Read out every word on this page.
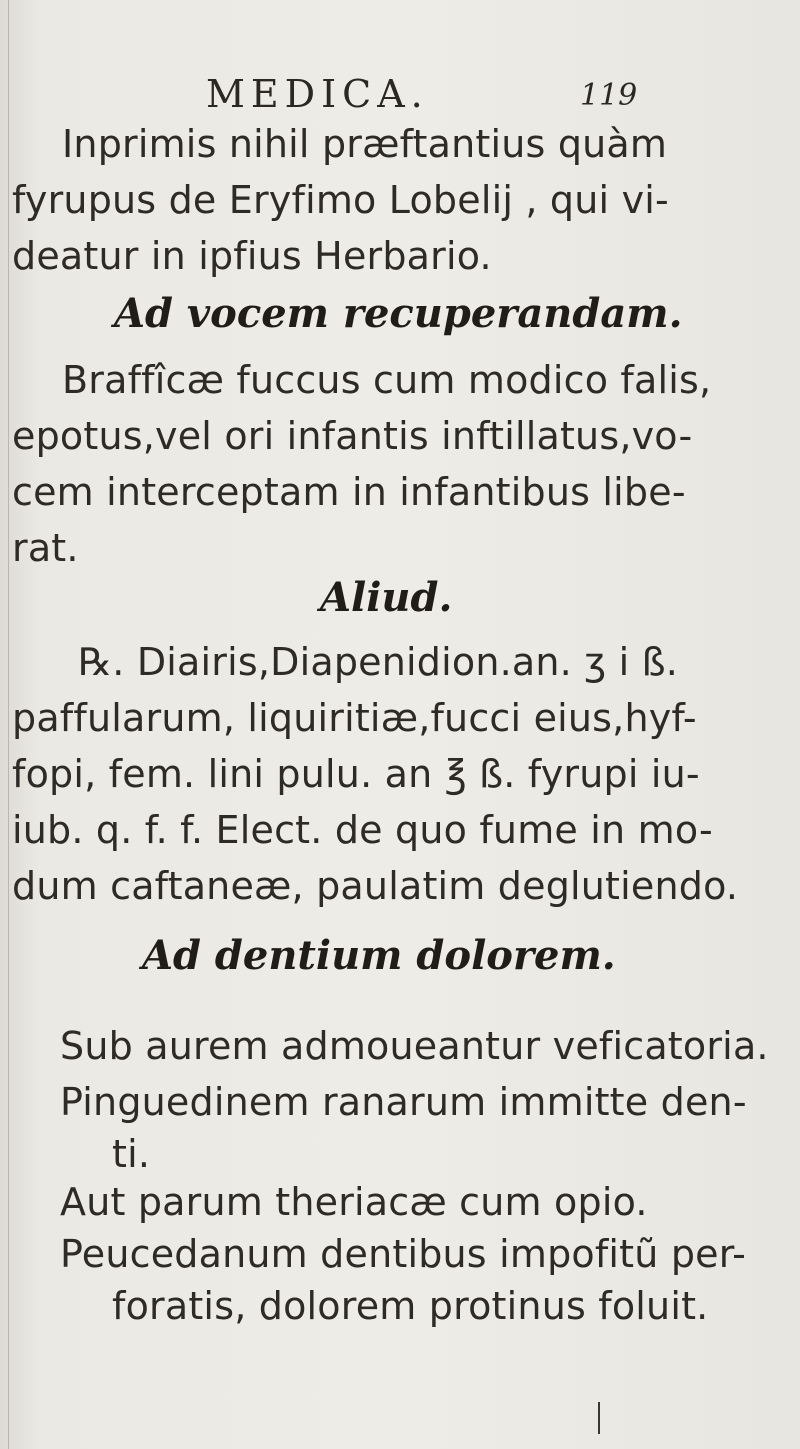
MEDICA.	119
Inprimis nihil præftantius quàm
fyrupus de Eryfimo Lobelij , qui vi-
deatur in ipfius Herbario.
Ad vocem recuperandam.
Braffîcæ fuccus cum modico falis,
epotus,vel ori infantis inftillatus,vo-
cem interceptam in infantibus libe-
rat.
Aliud.
℞. Diairis,Diapenidion.an. ʒ i ß.
paffularum, liquiritiæ,fucci eius,hyf-
fopi, fem. lini pulu. an ℥ ß. fyrupi iu-
iub. q. f. f. Elect. de quo fume in mo-
dum caftaneæ, paulatim deglutiendo.
Ad dentium dolorem.
Sub aurem admoueantur veficatoria.
Pinguedinem ranarum immitte den-
ti.
Aut parum theriacæ cum opio.
Peucedanum dentibus impofitũ per-
foratis, dolorem protinus foluit.
